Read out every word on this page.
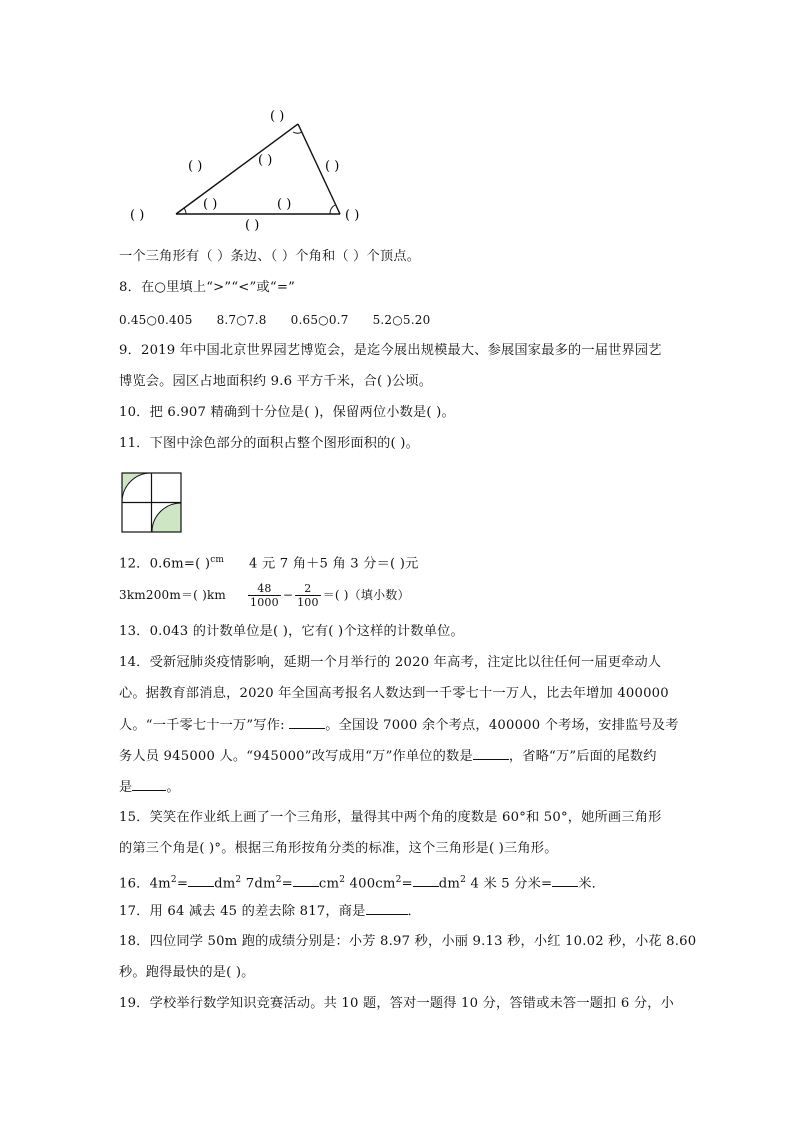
( )
( )	( )	( )
( )
( )	( )
( )
( )
一个三角形有（ ）条边、（ ）个角和（ ）个顶点。
8．在○里填上“>”“<”或“=”
0.45○0.405 8.7○7.8 0.65○0.7 5.2○5.20
9．2019 年中国北京世界园艺博览会，是迄今展出规模最大、参展国家最多的一届世界园艺
博览会。园区占地面积约 9.6 平方千米，合( )公顷。
10．把 6.907 精确到十分位是( )，保留两位小数是( )。
11．下图中涂色部分的面积占整个图形面积的( )。
12．0.6m=( )$^{cm}$ 4 元 7 角＋5 角 3 分＝( )元
3km200m＝( )$km \frac{48}{1000} - \frac{2}{100}$ ＝( )（填小数）
13．0.043 的计数单位是( )，它有( )个这样的计数单位。
14．受新冠肺炎疫情影响，延期一个月举行的 2020 年高考，注定比以往任何一届更牵动人
心。据教育部消息，2020 年全国高考报名人数达到一千零七十一万人，比去年增加 400000
人。“一千零七十一万”写作:	。全国设 7000 余个考点，400000 个考场，安排监号及考
务人员 945000 人。“945000”改写成用“万”作单位的数是	，省略“万”后面的尾数约
是	。
15．笑笑在作业纸上画了一个三角形，量得其中两个角的度数是 60°和 50°，她所画三角形
的第三个角是( )°。根据三角形按角分类的标准，这个三角形是( )三角形。
16．$4m^2= dm^2$ $7dm^2= cm^2$ $400cm^2= dm^2$ 4 米 5 分米= 米．
17．用 64 减去 45 的差去除 817，商是	．
18．四位同学 50m 跑的成绩分别是：小芳 8.97 秒，小丽 9.13 秒，小红 10.02 秒，小花 8.60
秒。跑得最快的是( )。
19．学校举行数学知识竞赛活动。共 10 题，答对一题得 10 分，答错或未答一题扣 6 分，小
